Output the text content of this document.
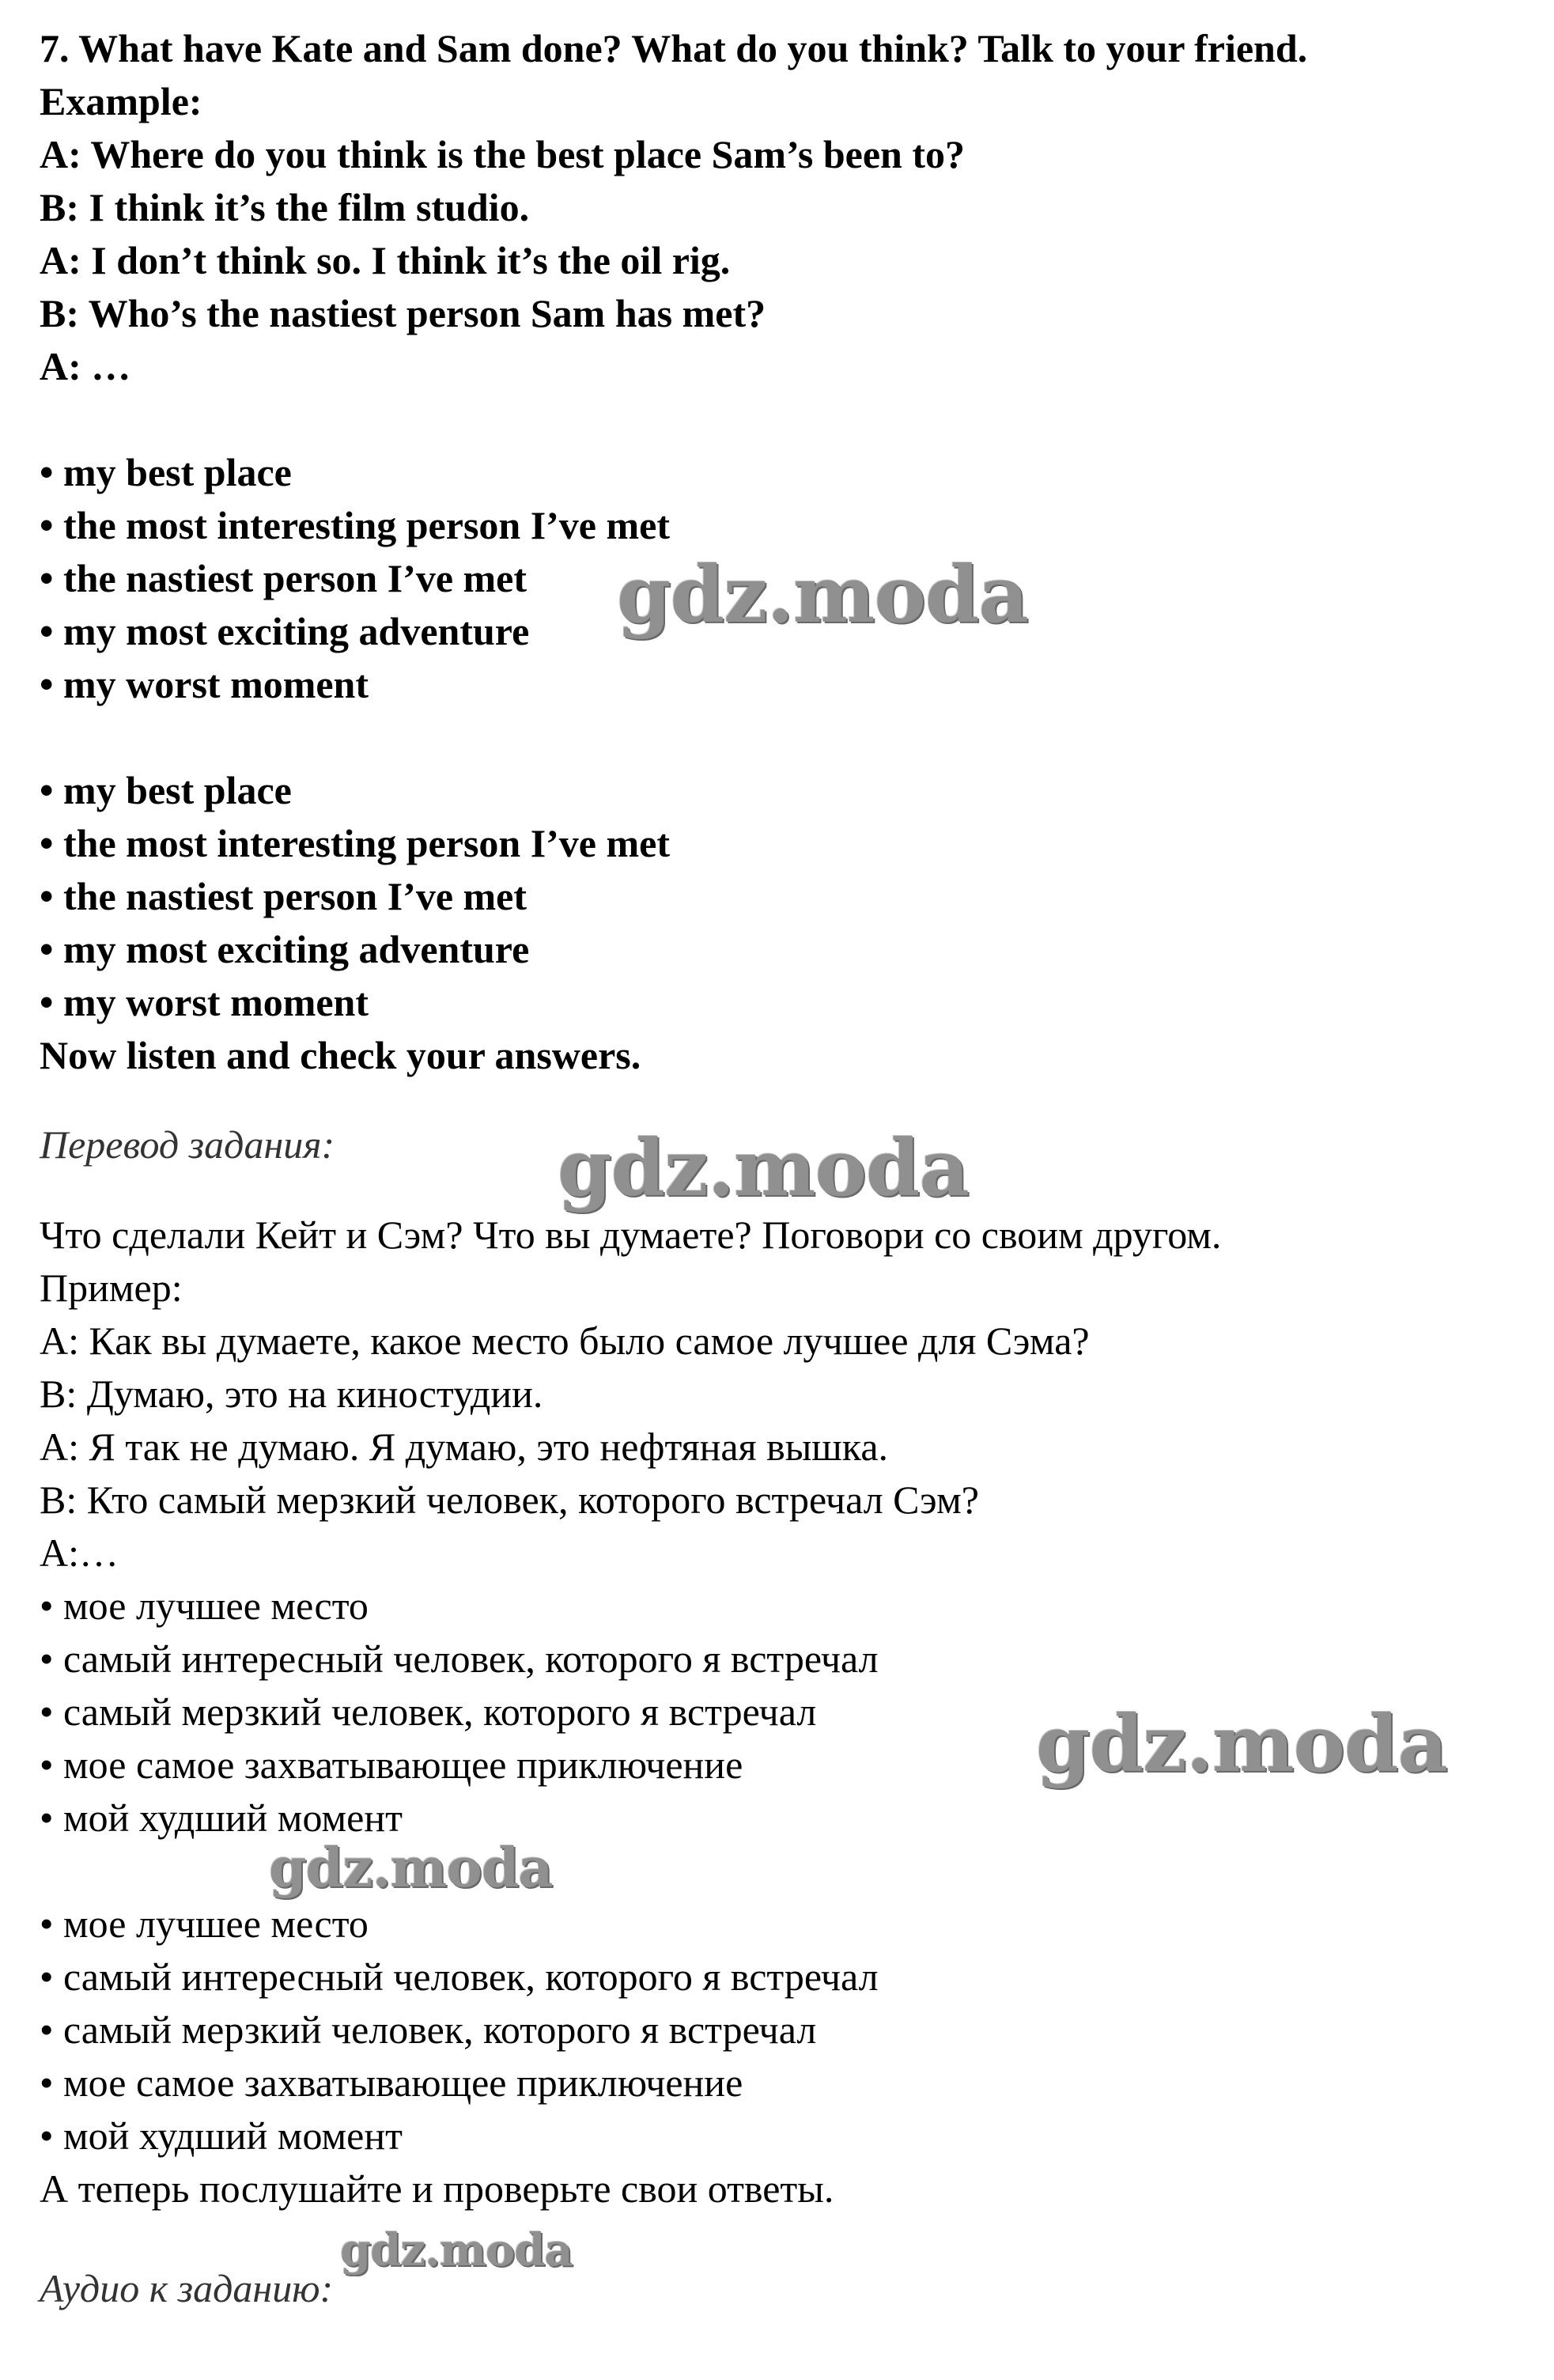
7. What have Kate and Sam done? What do you think? Talk to your friend.
Example:
A: Where do you think is the best place Sam’s been to?
B: I think it’s the film studio.
A: I don’t think so. I think it’s the oil rig.
B: Who’s the nastiest person Sam has met?
A: …
• my best place
• the most interesting person I’ve met
• the nastiest person I’ve met
• my most exciting adventure
• my worst moment
• my best place
• the most interesting person I’ve met
• the nastiest person I’ve met
• my most exciting adventure
• my worst moment
Now listen and check your answers.
Перевод задания:
Что сделали Кейт и Сэм? Что вы думаете? Поговори со своим другом.
Пример:
А: Как вы думаете, какое место было самое лучшее для Сэма?
В: Думаю, это на киностудии.
А: Я так не думаю. Я думаю, это нефтяная вышка.
В: Кто самый мерзкий человек, которого встречал Сэм?
А:…
• мое лучшее место
• самый интересный человек, которого я встречал
• самый мерзкий человек, которого я встречал
• мое самое захватывающее приключение
• мой худший момент
• мое лучшее место
• самый интересный человек, которого я встречал
• самый мерзкий человек, которого я встречал
• мое самое захватывающее приключение
• мой худший момент
А теперь послушайте и проверьте свои ответы.
Аудио к заданию:
gdz.moda
gdz.moda
gdz.moda
gdz.moda
gdz.moda
